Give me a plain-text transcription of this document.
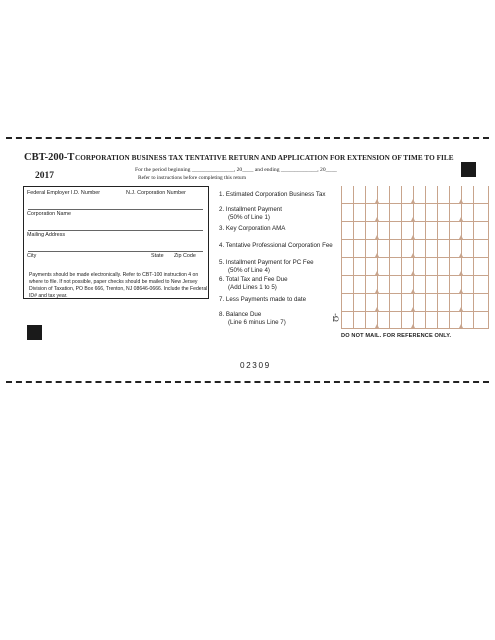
CBT-200-T CORPORATION BUSINESS TAX TENTATIVE RETURN AND APPLICATION FOR EXTENSION OF TIME TO FILE
2017
For the period beginning _______________, 20____ and ending _____________, 20____
Refer to instructions before completing this return
Federal Employer I.D. Number	N.J. Corporation Number
Corporation Name
Mailing Address
City	State Zip Code
Payments should be made electronically. Refer to CBT-100 instruction 4 on where to file. If not possible, paper checks should be mailed to New Jersey Division of Taxation, PO Box 666, Trenton, NJ 08646-0666. Include the Federal ID# and tax year.
1. Estimated Corporation Business Tax
2. Installment Payment
(50% of Line 1)
3. Key Corporation AMA
4. Tentative Professional Corporation Fee
5. Installment Payment for PC Fee
(50% of Line 4)
6. Total Tax and Fee Due
(Add Lines 1 to 5)
7. Less Payments made to date
8. Balance Due
(Line 6 minus Line 7)
-Ω
DO NOT MAIL. FOR REFERENCE ONLY.
02309
